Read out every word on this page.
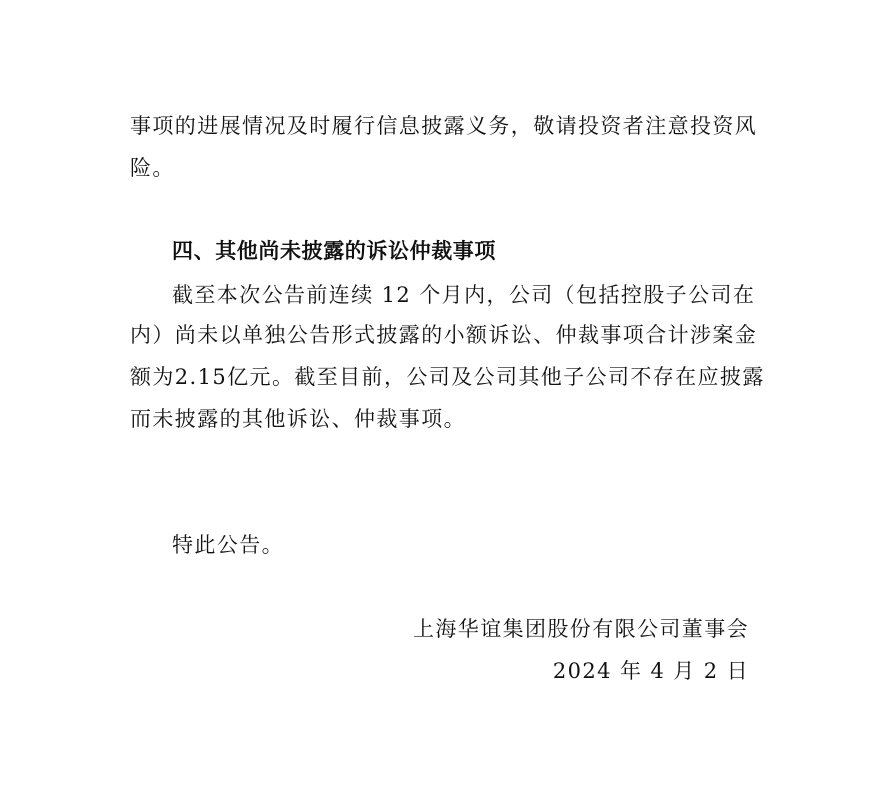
事项的进展情况及时履行信息披露义务，敬请投资者注意投资风
险。
四、其他尚未披露的诉讼仲裁事项
截至本次公告前连续 12 个月内，公司（包括控股子公司在
内）尚未以单独公告形式披露的小额诉讼、仲裁事项合计涉案金
额为2.15亿元。截至目前，公司及公司其他子公司不存在应披露
而未披露的其他诉讼、仲裁事项。
特此公告。
上海华谊集团股份有限公司董事会
2024 年 4 月 2 日
